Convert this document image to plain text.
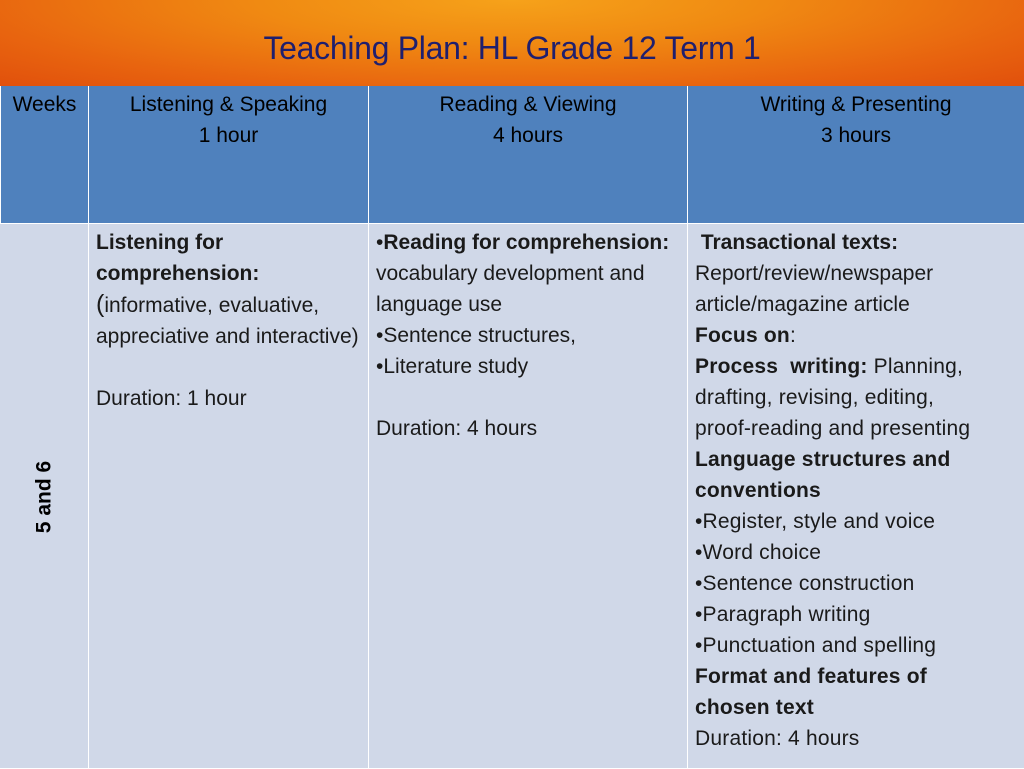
Teaching Plan: HL Grade 12 Term 1
Weeks	Listening & Speaking
1 hour
Reading & Viewing
4 hours
Writing & Presenting
3 hours
5 and 6
Listening for
comprehension:
(informative, evaluative,
appreciative and interactive)
Duration: 1 hour
•Reading for comprehension:
vocabulary development and
language use
•Sentence structures,
•Literature study
Duration: 4 hours
Transactional texts:
Report/review/newspaper
article/magazine article
Focus on:
Process  writing: Planning,
drafting, revising, editing,
proof-reading and presenting
Language structures and
conventions
•Register, style and voice
•Word choice
•Sentence construction
•Paragraph writing
•Punctuation and spelling
Format and features of
chosen text
Duration: 4 hours
